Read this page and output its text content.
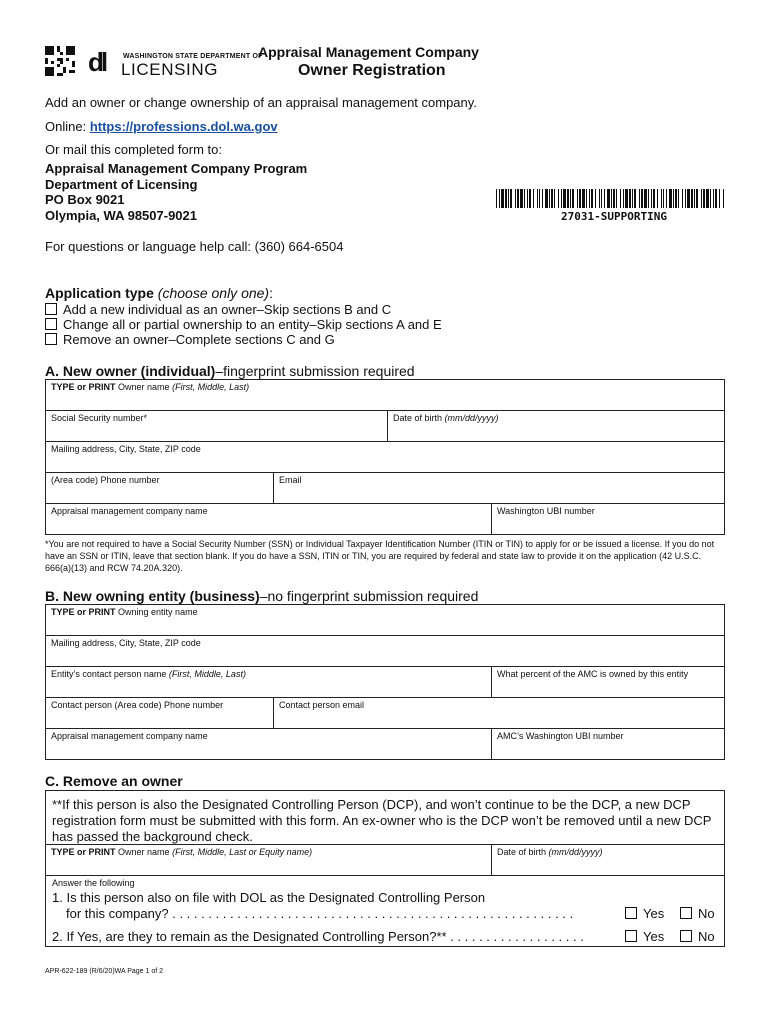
dl	WASHINGTON STATE DEPARTMENT OF
LICENSING
Appraisal Management Company
Owner Registration
Add an owner or change ownership of an appraisal management company.
Online: https://professions.dol.wa.gov
Or mail this completed form to:
Appraisal Management Company Program
Department of Licensing
PO Box 9021
Olympia, WA 98507-9021	27031-SUPPORTING
For questions or language help call: (360) 664-6504
Application type (choose only one):
Add a new individual as an owner–Skip sections B and C
Change all or partial ownership to an entity–Skip sections A and E
Remove an owner–Complete sections C and G
A. New owner (individual)–fingerprint submission required
TYPE or PRINT Owner name (First, Middle, Last)
Social Security number*	Date of birth (mm/dd/yyyy)
Mailing address, City, State, ZIP code
(Area code) Phone number	Email
Appraisal management company name	Washington UBI number
*You are not required to have a Social Security Number (SSN) or Individual Taxpayer Identification Number (ITIN or TIN) to apply for or be issued a license. If you do not have an SSN or ITIN, leave that section blank. If you do have a SSN, ITIN or TIN, you are required by federal and state law to provide it on the application (42 U.S.C. 666(a)(13) and RCW 74.20A.320).
B. New owning entity (business)–no fingerprint submission required
TYPE or PRINT Owning entity name
Mailing address, City, State, ZIP code
Entity’s contact person name (First, Middle, Last)	What percent of the AMC is owned by this entity
Contact person (Area code) Phone number	Contact person email
Appraisal management company name	AMC’s Washington UBI number
C. Remove an owner
**If this person is also the Designated Controlling Person (DCP), and won’t continue to be the DCP, a new DCP registration form must be submitted with this form. An ex-owner who is the DCP won’t be removed until a new DCP has passed the background check.
TYPE or PRINT Owner name (First, Middle, Last or Equity name)	Date of birth (mm/dd/yyyy)
Answer the following
1. Is this person also on file with DOL as the Designated Controlling Person
for this company? . . . . . . . . . . . . . . . . . . . . . . . . . . . . . . . . . . . . . . . . . . . . . . . . . . . . . . . .	Yes	No
2. If Yes, are they to remain as the Designated Controlling Person?** . . . . . . . . . . . . . . . . . . .	Yes	No
APR-622-189 (R/6/20)WA Page 1 of 2
